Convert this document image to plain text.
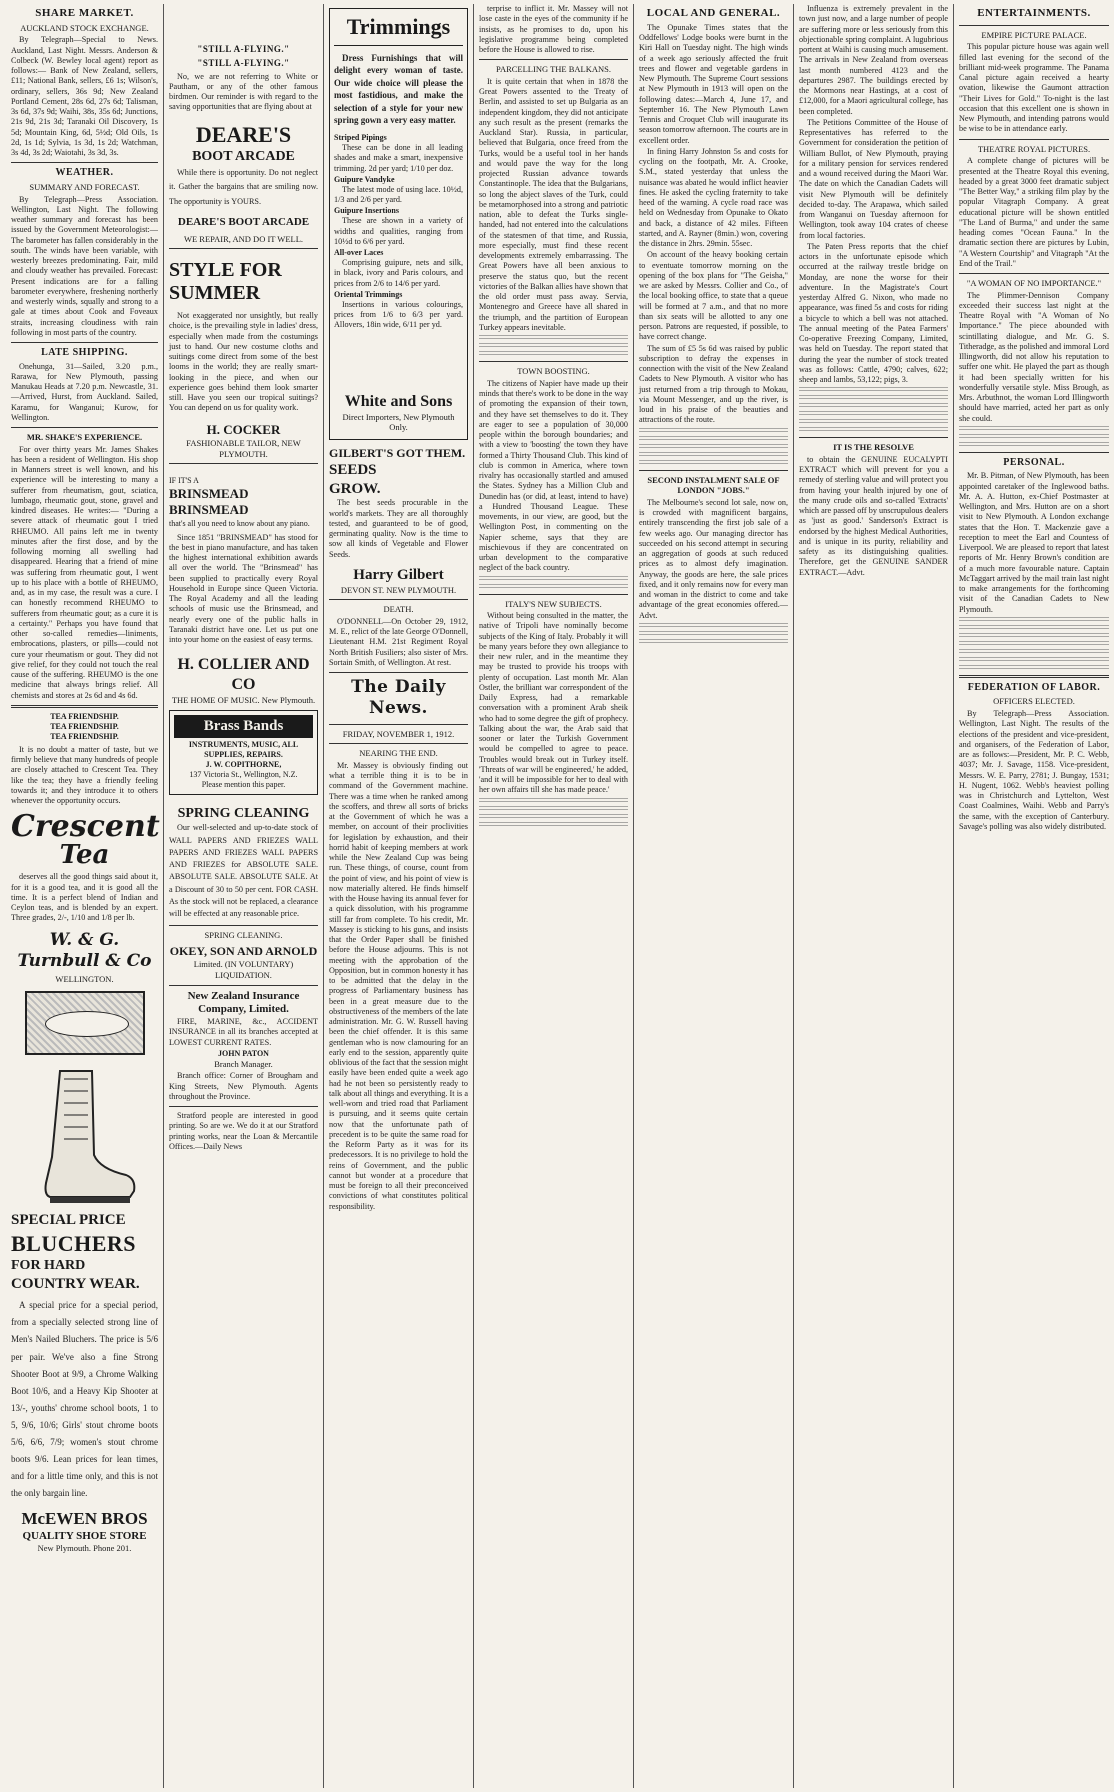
SHARE MARKET.
AUCKLAND STOCK EXCHANGE.

By Telegraph—Special to News. Auckland, Last Night. Messrs. Anderson & Colbeck (W. Bewley local agent) report as follows:— Bank of New Zealand, sellers, £11; National Bank, sellers, £6 1s; Wilson's, ordinary, sellers, 36s 9d; New Zealand Portland Cement, 28s 6d, 27s 6d; Talisman, 3s 6d, 37s 9d; Waihi, 38s, 35s 6d; Junctions, 21s 9d, 21s 3d; Taranaki Oil Discovery, 1s 5d; Mountain King, 6d, 5½d; Old Oils, 1s 2d, 1s 1d; Sylvia, 1s 3d, 1s 2d; Watchman, 3s 4d, 3s 2d; Waiotahi, 3s 3d, 3s.

WEATHER.
SUMMARY AND FORECAST.

By Telegraph—Press Association. Wellington, Last Night. The following weather summary and forecast has been issued by the Government Meteorologist:—The barometer has fallen considerably in the south. The winds have been variable, with westerly breezes predominating. Fair, mild and cloudy weather has prevailed. Forecast: Present indications are for a falling barometer everywhere, freshening northerly and westerly winds, squally and strong to a gale at times about Cook and Foveaux straits, increasing cloudiness with rain following in most parts of the country.

LATE SHIPPING.

Onehunga, 31—Sailed, 3.20 p.m., Rarawa, for New Plymouth, passing Manukau Heads at 7.20 p.m. Newcastle, 31.—Arrived, Hurst, from Auckland. Sailed, Karamu, for Wanganui; Kurow, for Wellington.

MR. SHAKE'S EXPERIENCE.

For over thirty years Mr. James Shakes has been a resident of Wellington. His shop in Manners street is well known, and his experience will be interesting to many a sufferer from rheumatism, gout, sciatica, lumbago, rheumatic gout, stone, gravel and kindred diseases. He writes:— "During a severe attack of rheumatic gout I tried RHEUMO. All pains left me in twenty minutes after the first dose, and by the following morning all swelling had disappeared. Hearing that a friend of mine was suffering from rheumatic gout, I went up to his place with a bottle of RHEUMO, and, as in my case, the result was a cure. I can honestly recommend RHEUMO to sufferers from rheumatic gout; as a cure it is a certainty." Perhaps you have found that other so-called remedies—liniments, embrocations, plasters, or pills—could not cure your rheumatism or gout. They did not give relief, for they could not touch the real cause of the suffering. RHEUMO is the one medicine that always brings relief. All chemists and stores at 2s 6d and 4s 6d.

TEA FRIENDSHIP.
TEA FRIENDSHIP.
TEA FRIENDSHIP.

It is no doubt a matter of taste, but we firmly believe that many hundreds of people are closely attached to Crescent Tea. They like the tea; they have a friendly feeling towards it; and they introduce it to others whenever the opportunity occurs.

Crescent
Tea

deserves all the good things said about it, for it is a good tea, and it is good all the time. It is a perfect blend of Indian and Ceylon teas, and is blended by an expert. Three grades, 2/-, 1/10 and 1/8 per lb.

W. & G. Turnbull & Co
WELLINGTON.
SPECIAL PRICE
BLUCHERS
FOR HARD
COUNTRY WEAR.

A special price for a special period, from a specially selected strong line of Men's Nailed Bluchers. The price is 5/6 per pair. We've also a fine Strong Shooter Boot at 9/9, a Chrome Walking Boot 10/6, and a Heavy Kip Shooter at 13/-, youths' chrome school boots, 1 to 5, 9/6, 10/6; Girls' stout chrome boots 5/6, 6/6, 7/9; women's stout chrome boots 9/6. Lean prices for lean times, and for a little time only, and this is not the only bargain line.

McEWEN BROS
QUALITY SHOE STORE
New Plymouth. Phone 201.
"STILL A-FLYING."
"STILL A-FLYING."

No, we are not referring to White or Pautham, or any of the other famous birdmen. Our reminder is with regard to the saving opportunities that are flying about at

DEARE'S
BOOT ARCADE

While there is opportunity. Do not neglect it. Gather the bargains that are smiling now. The opportunity is YOURS.

DEARE'S BOOT ARCADE
WE REPAIR, AND DO IT WELL.
STYLE FOR SUMMER

Not exaggerated nor unsightly, but really choice, is the prevailing style in ladies' dress, especially when made from the costumings just to hand. Our new costume cloths and suitings come direct from some of the best looms in the world; they are really smart-looking in the piece, and when our experience goes behind them look smarter still. Have you seen our tropical suitings? You can depend on us for quality work.

H. COCKER
FASHIONABLE TAILOR, NEW PLYMOUTH.
IF IT'S A
BRINSMEAD
BRINSMEAD
that's all you need to know about any piano.

Since 1851 "BRINSMEAD" has stood for the best in piano manufacture, and has taken the highest international exhibition awards all over the world. The "Brinsmead" has been supplied to practically every Royal Household in Europe since Queen Victoria. The Royal Academy and all the leading schools of music use the Brinsmead, and nearly every one of the public halls in Taranaki district have one. Let us put one into your home on the easiest of easy terms.

H. COLLIER AND CO
THE HOME OF MUSIC. New Plymouth.
Brass Bands
INSTRUMENTS, MUSIC, ALL SUPPLIES, REPAIRS.
J. W. COPITHORNE,
137 Victoria St., Wellington, N.Z.
Please mention this paper.
SPRING CLEANING

Our well-selected and up-to-date stock of WALL PAPERS AND FRIEZES WALL PAPERS AND FRIEZES WALL PAPERS AND FRIEZES for ABSOLUTE SALE. ABSOLUTE SALE. ABSOLUTE SALE. At a Discount of 30 to 50 per cent. FOR CASH. As the stock will not be replaced, a clearance will be effected at any reasonable price.

SPRING CLEANING.
OKEY, SON AND ARNOLD
Limited. (IN VOLUNTARY) LIQUIDATION.
New Zealand Insurance Company, Limited.

FIRE, MARINE, &c., ACCIDENT INSURANCE in all its branches accepted at LOWEST CURRENT RATES.

JOHN PATON
Branch Manager.

Branch office: Corner of Brougham and King Streets, New Plymouth. Agents throughout the Province.

Stratford people are interested in good printing. So are we. We do it at our Stratford printing works, near the Loan & Mercantile Offices.—Daily News

Trimmings

Dress Furnishings that will delight every woman of taste. Our wide choice will please the most fastidious, and make the selection of a style for your new spring gown a very easy matter.

Striped Pipings

These can be done in all leading shades and make a smart, inexpensive trimming. 2d per yard; 1/10 per doz.

Guipure Vandyke

The latest mode of using lace. 10½d, 1/3 and 2/6 per yard.

Guipure Insertions

These are shown in a variety of widths and qualities, ranging from 10½d to 6/6 per yard.

All-over Laces

Comprising guipure, nets and silk, in black, ivory and Paris colours, and prices from 2/6 to 14/6 per yard.

Oriental Trimmings

Insertions in various colourings, prices from 1/6 to 6/3 per yard. Allovers, 18in wide, 6/11 per yd.

White and Sons
Direct Importers, New Plymouth Only.
GILBERT'S GOT THEM.
SEEDS
GROW.

The best seeds procurable in the world's markets. They are all thoroughly tested, and guaranteed to be of good, germinating quality. Now is the time to sow all kinds of Vegetable and Flower Seeds.

Harry Gilbert
DEVON ST. NEW PLYMOUTH.
DEATH.

O'DONNELL—On October 29, 1912, M. E., relict of the late George O'Donnell, Lieutenant H.M. 21st Regiment Royal North British Fusiliers; also sister of Mrs. Sortain Smith, of Wellington. At rest.

The Daily News.
FRIDAY, NOVEMBER 1, 1912.
NEARING THE END.

Mr. Massey is obviously finding out what a terrible thing it is to be in command of the Government machine. There was a time when he ranked among the scoffers, and threw all sorts of bricks at the Government of which he was a member, on account of their proclivities for legislation by exhaustion, and their horrid habit of keeping members at work while the New Zealand Cup was being run. These things, of course, count from the point of view, and his point of view is now materially altered. He finds himself with the House having its annual fever for a quick dissolution, with his programme still far from complete. To his credit, Mr. Massey is sticking to his guns, and insists that the Order Paper shall be finished before the House adjourns. This is not meeting with the approbation of the Opposition, but in common honesty it has to be admitted that the delay in the progress of Parliamentary business has been in a great measure due to the obstructiveness of the members of the late administration. Mr. G. W. Russell having been the chief offender. It is this same gentleman who is now clamouring for an early end to the session, apparently quite oblivious of the fact that the session might easily have been ended quite a week ago had he not been so persistently ready to talk about all things and everything. It is a well-worn and tried road that Parliament is pursuing, and it seems quite certain now that the unfortunate path of precedent is to be quite the same road for the Reform Party as it was for its predecessors. It is no privilege to hold the reins of Government, and the public cannot but wonder at a procedure that must be foreign to all their preconceived convictions of what constitutes political responsibility.

terprise to inflict it. Mr. Massey will not lose caste in the eyes of the community if he insists, as he promises to do, upon his legislative programme being completed before the House is allowed to rise.

PARCELLING THE BALKANS.

It is quite certain that when in 1878 the Great Powers assented to the Treaty of Berlin, and assisted to set up Bulgaria as an independent kingdom, they did not anticipate any such result as the present (remarks the Auckland Star). Russia, in particular, believed that Bulgaria, once freed from the Turks, would be a useful tool in her hands and would pave the way for the long projected Russian advance towards Constantinople. The idea that the Bulgarians, so long the abject slaves of the Turk, could be metamorphosed into a strong and patriotic nation, able to defeat the Turks single-handed, had not entered into the calculations of the statesmen of that time, and Russia, more especially, must find these recent developments extremely embarrassing. The Great Powers have all been anxious to preserve the status quo, but the recent victories of the Balkan allies have shown that the old order must pass away. Servia, Montenegro and Greece have all shared in the triumph, and the partition of European Turkey appears inevitable.

TOWN BOOSTING.

The citizens of Napier have made up their minds that there's work to be done in the way of promoting the expansion of their town, and they have set themselves to do it. They are eager to see a population of 30,000 people within the borough boundaries; and with a view to 'boosting' the town they have formed a Thirty Thousand Club. This kind of club is common in America, where town rivalry has occasionally startled and amused the States. Sydney has a Million Club and Dunedin has (or did, at least, intend to have) a Hundred Thousand League. These movements, in our view, are good, but the Wellington Post, in commenting on the Napier scheme, says that they are mischievous if they are concentrated on urban development to the comparative neglect of the back country.

ITALY'S NEW SUBJECTS.

Without being consulted in the matter, the native of Tripoli have nominally become subjects of the King of Italy. Probably it will be many years before they own allegiance to their new ruler, and in the meantime they may be trusted to provide his troops with plenty of occupation. Last month Mr. Alan Ostler, the brilliant war correspondent of the Daily Express, had a remarkable conversation with a prominent Arab sheik who had to some degree the gift of prophecy. Talking about the war, the Arab said that sooner or later the Turkish Government would be compelled to agree to peace. Troubles would break out in Turkey itself. 'Threats of war will be engineered,' he added, 'and it will be impossible for her to deal with her own affairs till she has made peace.'

LOCAL AND GENERAL.

The Opunake Times states that the Oddfellows' Lodge books were burnt in the Kiri Hall on Tuesday night. The high winds of a week ago seriously affected the fruit trees and flower and vegetable gardens in New Plymouth. The Supreme Court sessions at New Plymouth in 1913 will open on the following dates:—March 4, June 17, and September 16. The New Plymouth Lawn Tennis and Croquet Club will inaugurate its season tomorrow afternoon. The courts are in excellent order.

In fining Harry Johnston 5s and costs for cycling on the footpath, Mr. A. Crooke, S.M., stated yesterday that unless the nuisance was abated he would inflict heavier fines. He asked the cycling fraternity to take heed of the warning. A cycle road race was held on Wednesday from Opunake to Okato and back, a distance of 42 miles. Fifteen started, and A. Rayner (8min.) won, covering the distance in 2hrs. 29min. 55sec.

On account of the heavy booking certain to eventuate tomorrow morning on the opening of the box plans for "The Geisha," we are asked by Messrs. Collier and Co., of the local booking office, to state that a queue will be formed at 7 a.m., and that no more than six seats will be allotted to any one person. Patrons are requested, if possible, to have correct change.

The sum of £5 5s 6d was raised by public subscription to defray the expenses in connection with the visit of the New Zealand Cadets to New Plymouth. A visitor who has just returned from a trip through to Mokau, via Mount Messenger, and up the river, is loud in his praise of the beauties and attractions of the route.

SECOND INSTALMENT SALE OF LONDON "JOBS."

The Melbourne's second lot sale, now on, is crowded with magnificent bargains, entirely transcending the first job sale of a few weeks ago. Our managing director has succeeded on his second attempt in securing an aggregation of goods at such reduced prices as to almost defy imagination. Anyway, the goods are here, the sale prices fixed, and it only remains now for every man and woman in the district to come and take advantage of the great economies offered.—Advt.

Influenza is extremely prevalent in the town just now, and a large number of people are suffering more or less seriously from this objectionable spring complaint. A lugubrious portent at Waihi is causing much amusement. The arrivals in New Zealand from overseas last month numbered 4123 and the departures 2987. The buildings erected by the Mormons near Hastings, at a cost of £12,000, for a Maori agricultural college, has been completed.

The Petitions Committee of the House of Representatives has referred to the Government for consideration the petition of William Bullot, of New Plymouth, praying for a military pension for services rendered and a wound received during the Maori War. The date on which the Canadian Cadets will visit New Plymouth will be definitely decided to-day. The Arapawa, which sailed from Wanganui on Tuesday afternoon for Wellington, took away 104 crates of cheese from local factories.

The Paten Press reports that the chief actors in the unfortunate episode which occurred at the railway trestle bridge on Monday, are none the worse for their adventure. In the Magistrate's Court yesterday Alfred G. Nixon, who made no appearance, was fined 5s and costs for riding a bicycle to which a bell was not attached. The annual meeting of the Patea Farmers' Co-operative Freezing Company, Limited, was held on Tuesday. The report stated that during the year the number of stock treated was as follows: Cattle, 4790; calves, 622; sheep and lambs, 53,122; pigs, 3.

IT IS THE RESOLVE

to obtain the GENUINE EUCALYPTI EXTRACT which will prevent for you a remedy of sterling value and will protect you from having your health injured by one of the many crude oils and so-called 'Extracts' which are passed off by unscrupulous dealers as 'just as good.' Sanderson's Extract is endorsed by the highest Medical Authorities, and is unique in its purity, reliability and safety as its distinguishing qualities. Therefore, get the GENUINE SANDER EXTRACT.—Advt.

ENTERTAINMENTS.
EMPIRE PICTURE PALACE.

This popular picture house was again well filled last evening for the second of the brilliant mid-week programme. The Panama Canal picture again received a hearty ovation, likewise the Gaumont attraction "Their Lives for Gold." To-night is the last occasion that this excellent one is shown in New Plymouth, and intending patrons would be wise to be in attendance early.

THEATRE ROYAL PICTURES.

A complete change of pictures will be presented at the Theatre Royal this evening, headed by a great 3000 feet dramatic subject "The Better Way," a striking film play by the popular Vitagraph Company. A great educational picture will be shown entitled "The Land of Burma," and under the same heading comes "Ocean Fauna." In the dramatic section there are pictures by Lubin, "A Western Courtship" and Vitagraph "At the End of the Trail."

"A WOMAN OF NO IMPORTANCE."

The Plimmer-Dennison Company exceeded their success last night at the Theatre Royal with "A Woman of No Importance." The piece abounded with scintillating dialogue, and Mr. G. S. Titheradge, as the polished and immoral Lord Illingworth, did not allow his reputation to suffer one whit. He played the part as though it had been specially written for his wonderfully versatile style. Miss Brough, as Mrs. Arbuthnot, the woman Lord Illingworth should have married, acted her part as only she could.

PERSONAL.

Mr. B. Pitman, of New Plymouth, has been appointed caretaker of the Inglewood baths. Mr. A. A. Hutton, ex-Chief Postmaster at Wellington, and Mrs. Hutton are on a short visit to New Plymouth. A London exchange states that the Hon. T. Mackenzie gave a reception to meet the Earl and Countess of Liverpool. We are pleased to report that latest reports of Mr. Henry Brown's condition are of a much more favourable nature. Captain McTaggart arrived by the mail train last night to make arrangements for the forthcoming visit of the Canadian Cadets to New Plymouth.

FEDERATION OF LABOR.
OFFICERS ELECTED.

By Telegraph—Press Association. Wellington, Last Night. The results of the elections of the president and vice-president, and organisers, of the Federation of Labor, are as follows:—President, Mr. P. C. Webb, 4037; Mr. J. Savage, 1158. Vice-president, Messrs. W. E. Parry, 2781; J. Bungay, 1531; H. Nugent, 1062. Webb's heaviest polling was in Christchurch and Lyttelton, West Coast Coalmines, Waihi. Webb and Parry's the same, with the exception of Canterbury. Savage's polling was also widely distributed.
